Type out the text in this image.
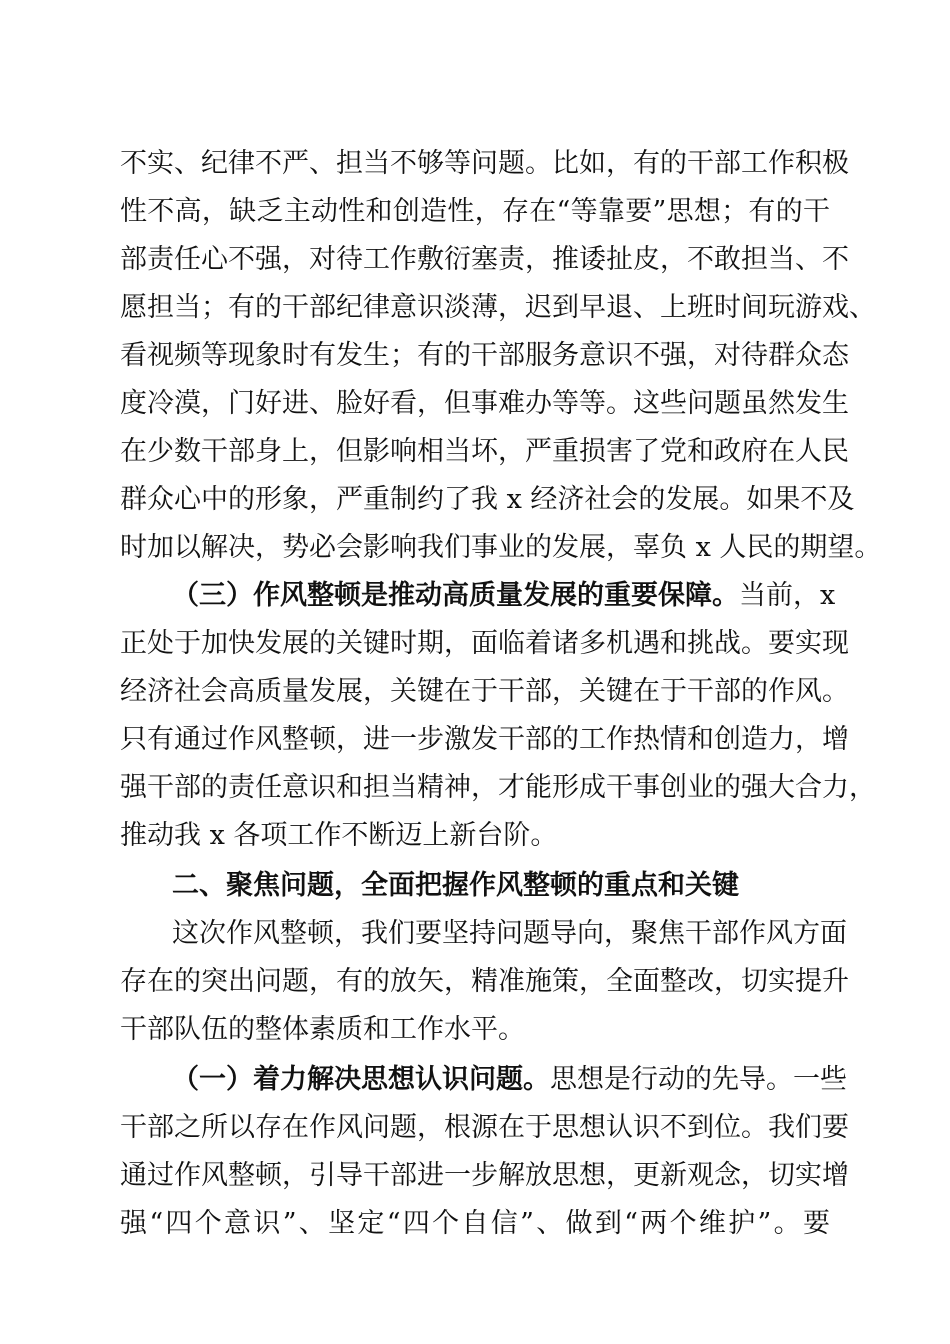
不实、纪律不严、担当不够等问题。比如，有的干部工作积极
性不高，缺乏主动性和创造性，存在“等靠要”思想；有的干
部责任心不强，对待工作敷衍塞责，推诿扯皮，不敢担当、不
愿担当；有的干部纪律意识淡薄，迟到早退、上班时间玩游戏、
看视频等现象时有发生；有的干部服务意识不强，对待群众态
度冷漠，门好进、脸好看，但事难办等等。这些问题虽然发生
在少数干部身上，但影响相当坏，严重损害了党和政府在人民
群众心中的形象，严重制约了我 x 经济社会的发展。如果不及
时加以解决，势必会影响我们事业的发展，辜负 x 人民的期望。
（三）作风整顿是推动高质量发展的重要保障。当前，x
正处于加快发展的关键时期，面临着诸多机遇和挑战。要实现
经济社会高质量发展，关键在于干部，关键在于干部的作风。
只有通过作风整顿，进一步激发干部的工作热情和创造力，增
强干部的责任意识和担当精神，才能形成干事创业的强大合力，
推动我 x 各项工作不断迈上新台阶。
二、聚焦问题，全面把握作风整顿的重点和关键
这次作风整顿，我们要坚持问题导向，聚焦干部作风方面
存在的突出问题，有的放矢，精准施策，全面整改，切实提升
干部队伍的整体素质和工作水平。
（一）着力解决思想认识问题。思想是行动的先导。一些
干部之所以存在作风问题，根源在于思想认识不到位。我们要
通过作风整顿，引导干部进一步解放思想，更新观念，切实增
强“四个意识”、坚定“四个自信”、做到“两个维护”。要
